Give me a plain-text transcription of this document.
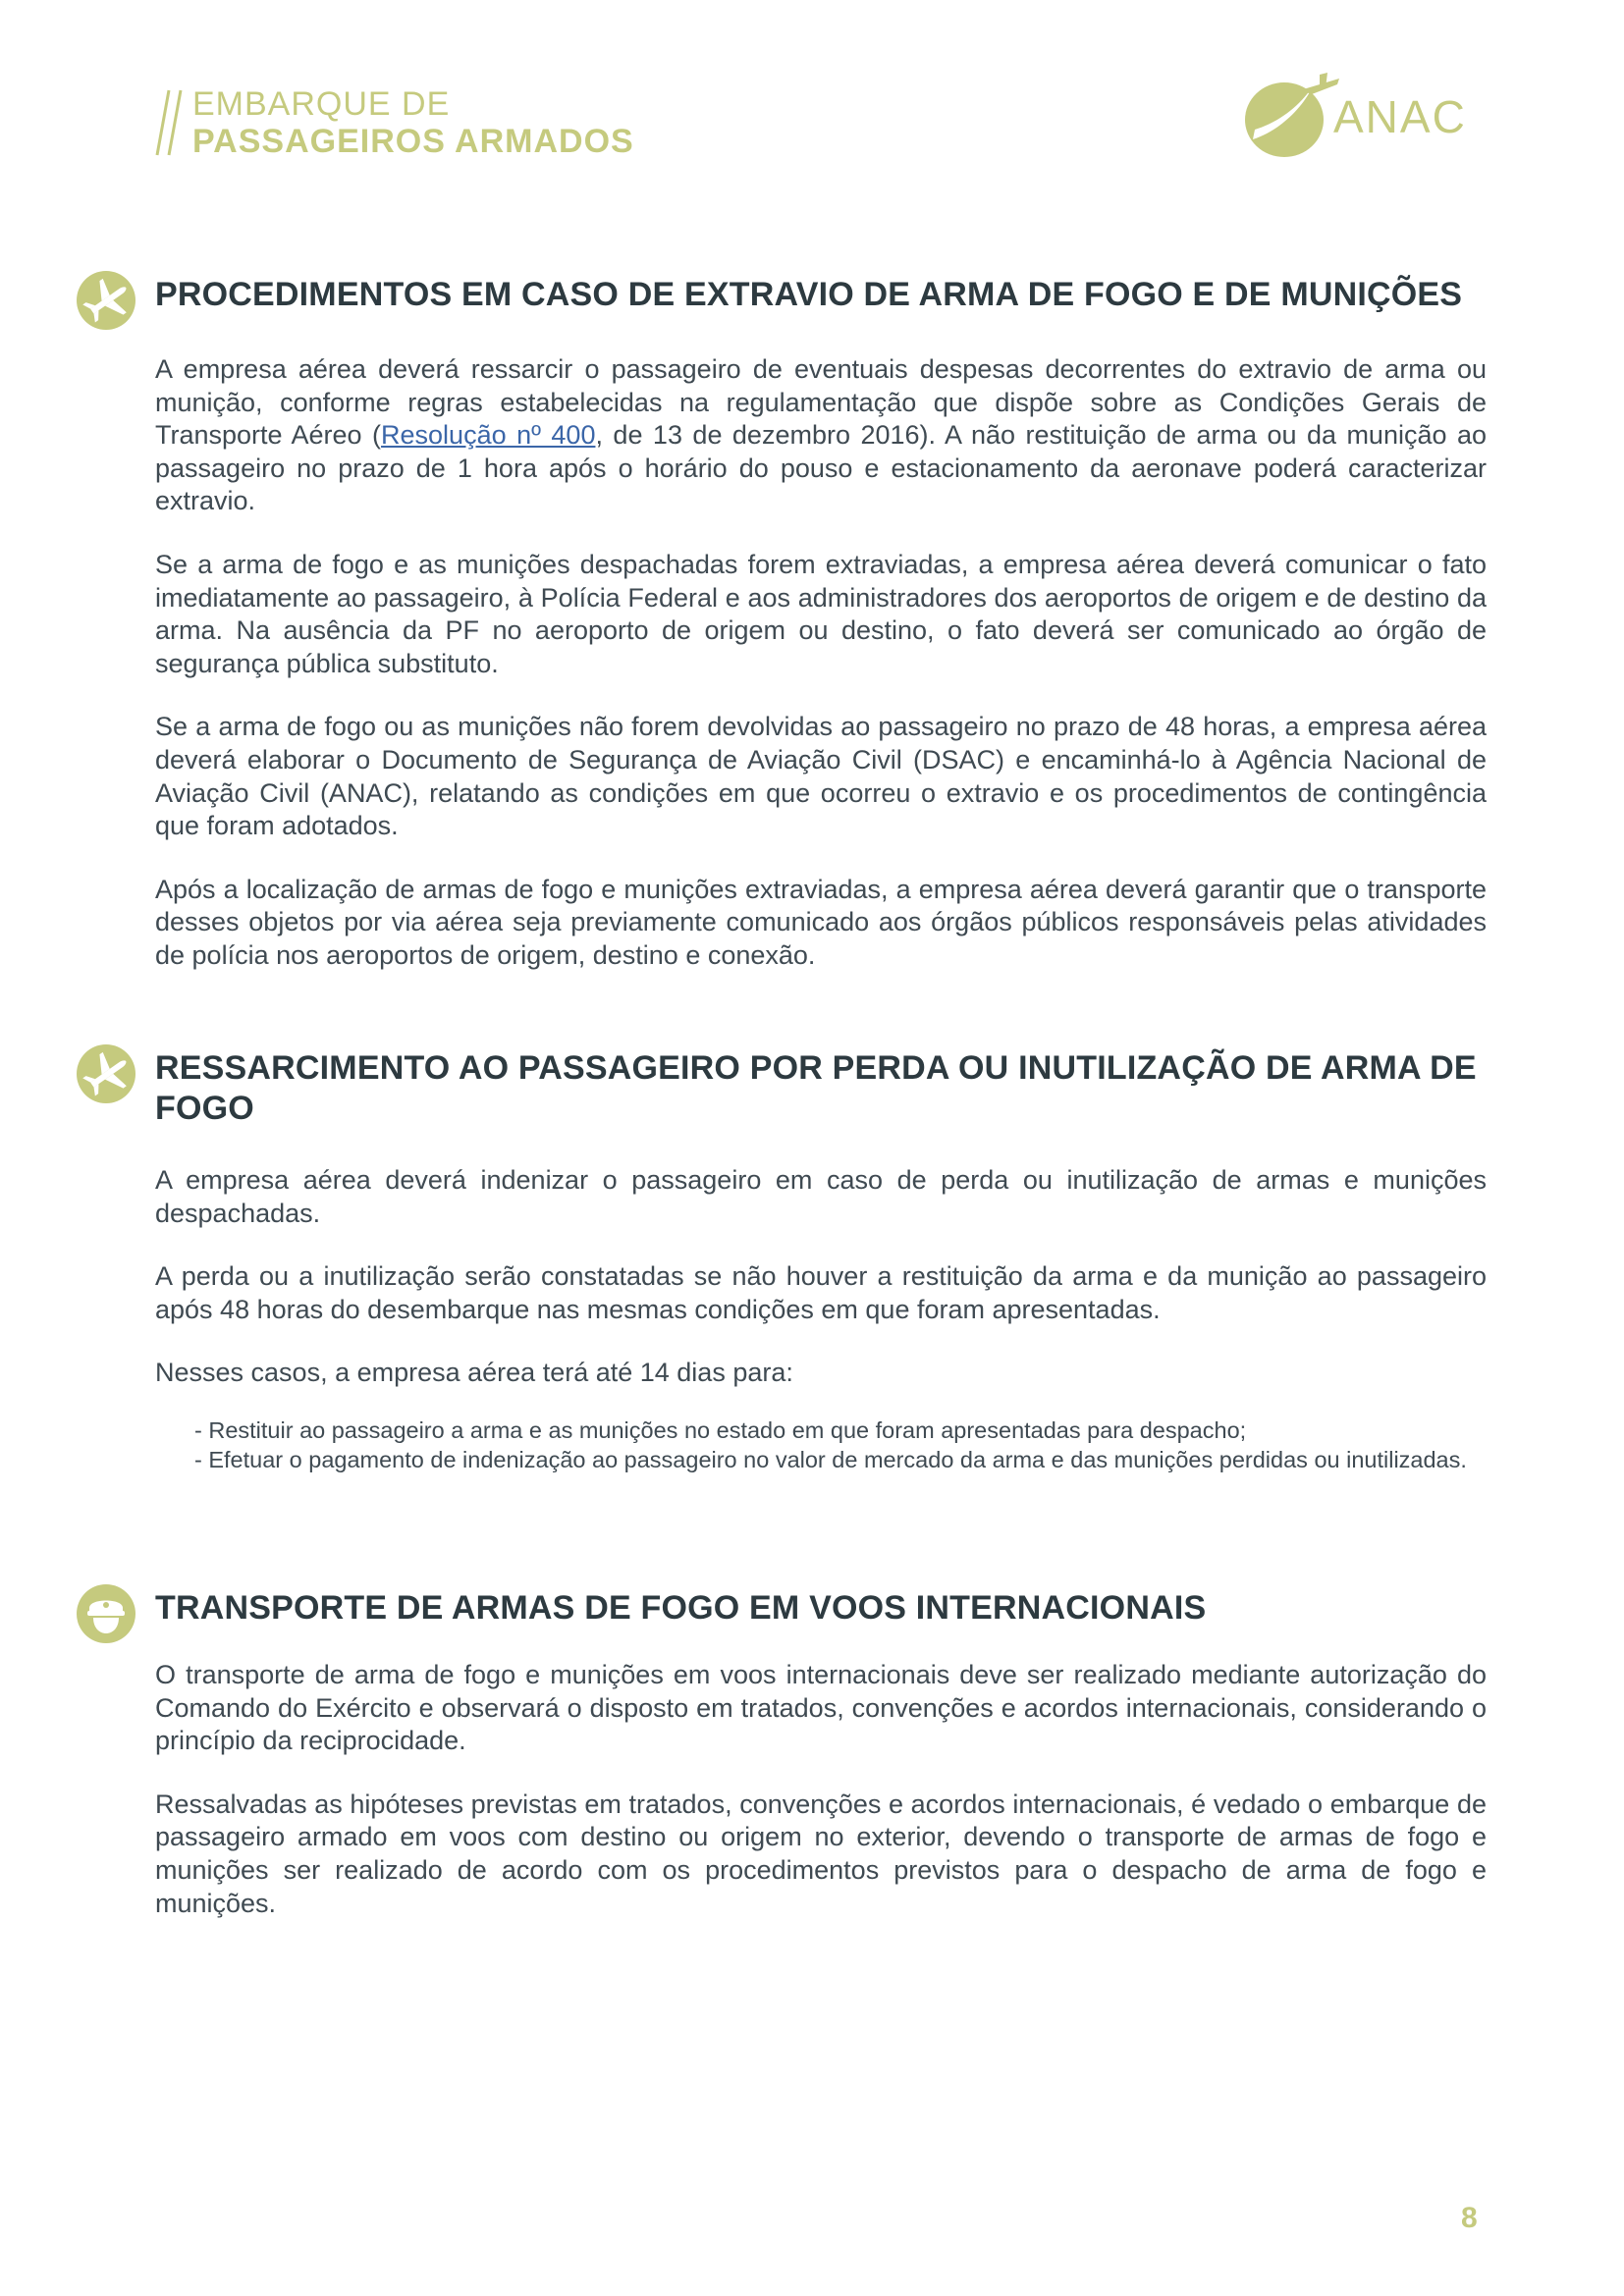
EMBARQUE DE
PASSAGEIROS ARMADOS	ANAC
PROCEDIMENTOS EM CASO DE EXTRAVIO DE ARMA DE FOGO E DE MUNIÇÕES

A empresa aérea deverá ressarcir o passageiro de eventuais despesas decorrentes do extravio de arma ou munição, conforme regras estabelecidas na regulamentação que dispõe sobre as Condições Gerais de Transporte Aéreo (Resolução nº 400, de 13 de dezembro 2016). A não restituição de arma ou da munição ao passageiro no prazo de 1 hora após o horário do pouso e estacionamento da aeronave poderá caracterizar extravio.

Se a arma de fogo e as munições despachadas forem extraviadas, a empresa aérea deverá comunicar o fato imediatamente ao passageiro, à Polícia Federal e aos administradores dos aeroportos de origem e de destino da arma. Na ausência da PF no aeroporto de origem ou destino, o fato deverá ser comunicado ao órgão de segurança pública substituto.

Se a arma de fogo ou as munições não forem devolvidas ao passageiro no prazo de 48 horas, a empresa aérea deverá elaborar o Documento de Segurança de Aviação Civil (DSAC) e encaminhá-lo à Agência Nacional de Aviação Civil (ANAC), relatando as condições em que ocorreu o extravio e os procedimentos de contingência que foram adotados.

Após a localização de armas de fogo e munições extraviadas, a empresa aérea deverá garantir que o transporte desses objetos por via aérea seja previamente comunicado aos órgãos públicos responsáveis pelas atividades de polícia nos aeroportos de origem, destino e conexão.

RESSARCIMENTO AO PASSAGEIRO POR PERDA OU INUTILIZAÇÃO DE ARMA DE FOGO

A empresa aérea deverá indenizar o passageiro em caso de perda ou inutilização de armas e munições despachadas.

A perda ou a inutilização serão constatadas se não houver a restituição da arma e da munição ao passageiro após 48 horas do desembarque nas mesmas condições em que foram apresentadas.

Nesses casos, a empresa aérea terá até 14 dias para:

- Restituir ao passageiro a arma e as munições no estado em que foram apresentadas para despacho;
- Efetuar o pagamento de indenização ao passageiro no valor de mercado da arma e das munições perdidas ou inutilizadas.
TRANSPORTE DE ARMAS DE FOGO EM VOOS INTERNACIONAIS

O transporte de arma de fogo e munições em voos internacionais deve ser realizado mediante autorização do Comando do Exército e observará o disposto em tratados, convenções e acordos internacionais, considerando o princípio da reciprocidade.

Ressalvadas as hipóteses previstas em tratados, convenções e acordos internacionais, é vedado o embarque de passageiro armado em voos com destino ou origem no exterior, devendo o transporte de armas de fogo e munições ser realizado de acordo com os procedimentos previstos para o despacho de arma de fogo e munições.

8
